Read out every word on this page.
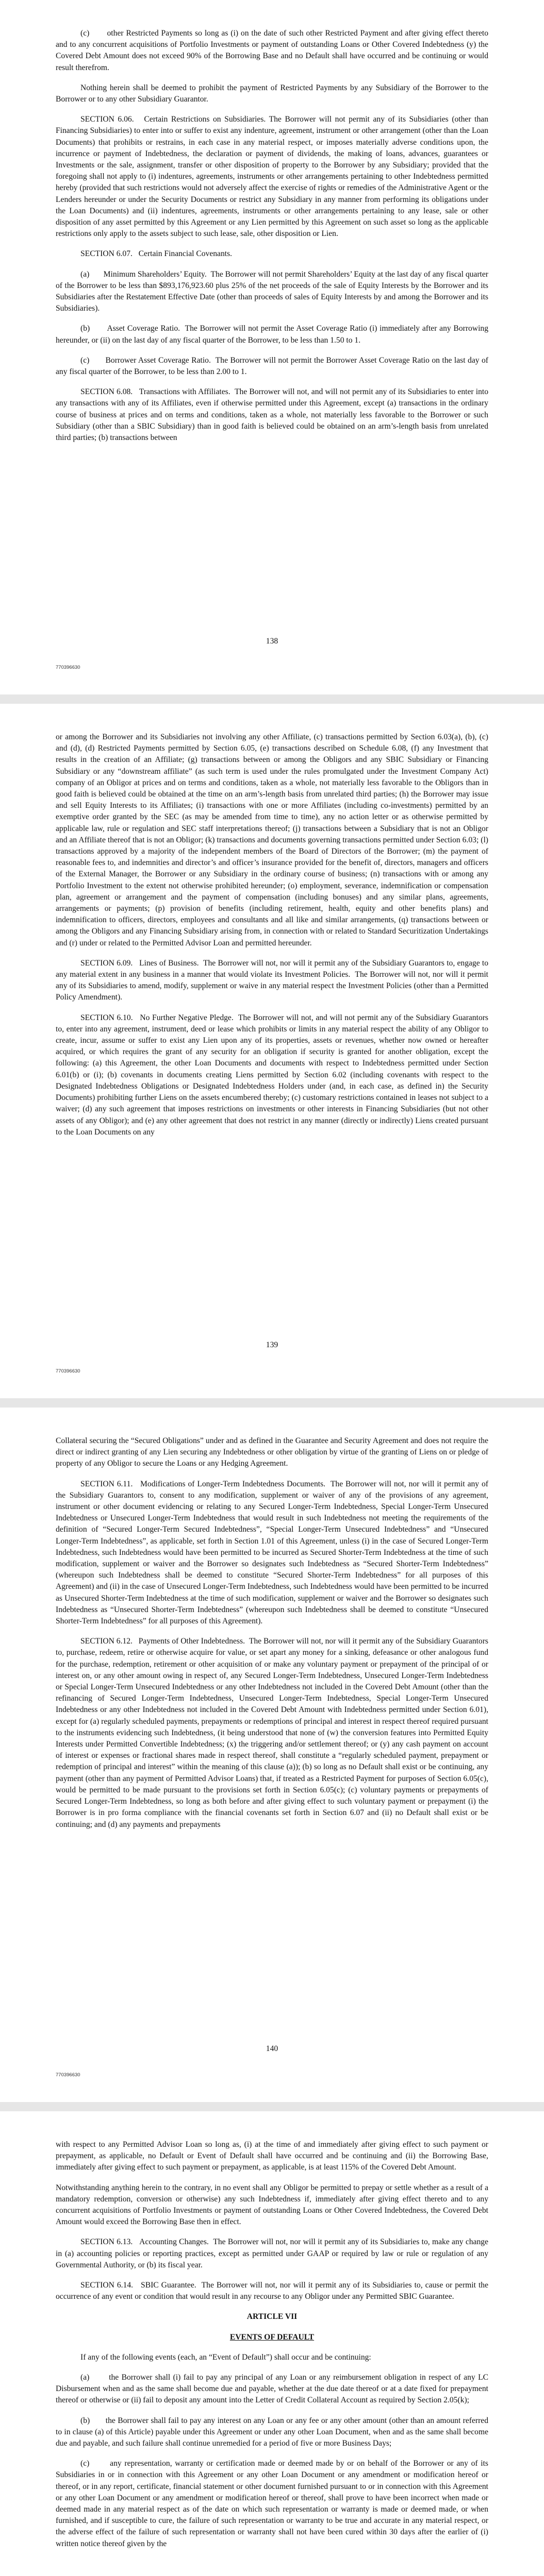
(c)       other Restricted Payments so long as (i) on the date of such other Restricted Payment and after giving effect thereto and to any concurrent acquisitions of Portfolio Investments or payment of outstanding Loans or Other Covered Indebtedness (y) the Covered Debt Amount does not exceed 90% of the Borrowing Base and no Default shall have occurred and be continuing or would result therefrom.

Nothing herein shall be deemed to prohibit the payment of Restricted Payments by any Subsidiary of the Borrower to the Borrower or to any other Subsidiary Guarantor.

SECTION 6.06.   Certain Restrictions on Subsidiaries. The Borrower will not permit any of its Subsidiaries (other than Financing Subsidiaries) to enter into or suffer to exist any indenture, agreement, instrument or other arrangement (other than the Loan Documents) that prohibits or restrains, in each case in any material respect, or imposes materially adverse conditions upon, the incurrence or payment of Indebtedness, the declaration or payment of dividends, the making of loans, advances, guarantees or Investments or the sale, assignment, transfer or other disposition of property to the Borrower by any Subsidiary; provided that the foregoing shall not apply to (i) indentures, agreements, instruments or other arrangements pertaining to other Indebtedness permitted hereby (provided that such restrictions would not adversely affect the exercise of rights or remedies of the Administrative Agent or the Lenders hereunder or under the Security Documents or restrict any Subsidiary in any manner from performing its obligations under the Loan Documents) and (ii) indentures, agreements, instruments or other arrangements pertaining to any lease, sale or other disposition of any asset permitted by this Agreement or any Lien permitted by this Agreement on such asset so long as the applicable restrictions only apply to the assets subject to such lease, sale, other disposition or Lien.

SECTION 6.07.   Certain Financial Covenants.

(a)       Minimum Shareholders’ Equity.  The Borrower will not permit Shareholders’ Equity at the last day of any fiscal quarter of the Borrower to be less than $893,176,923.60 plus 25% of the net proceeds of the sale of Equity Interests by the Borrower and its Subsidiaries after the Restatement Effective Date (other than proceeds of sales of Equity Interests by and among the Borrower and its Subsidiaries).

(b)       Asset Coverage Ratio.  The Borrower will not permit the Asset Coverage Ratio (i) immediately after any Borrowing hereunder, or (ii) on the last day of any fiscal quarter of the Borrower, to be less than 1.50 to 1.

(c)       Borrower Asset Coverage Ratio.  The Borrower will not permit the Borrower Asset Coverage Ratio on the last day of any fiscal quarter of the Borrower, to be less than 2.00 to 1.

SECTION 6.08.   Transactions with Affiliates.  The Borrower will not, and will not permit any of its Subsidiaries to enter into any transactions with any of its Affiliates, even if otherwise permitted under this Agreement, except (a) transactions in the ordinary course of business at prices and on terms and conditions, taken as a whole, not materially less favorable to the Borrower or such Subsidiary (other than a SBIC Subsidiary) than in good faith is believed could be obtained on an arm’s-length basis from unrelated third parties; (b) transactions between

138
770396630

or among the Borrower and its Subsidiaries not involving any other Affiliate, (c) transactions permitted by Section 6.03(a), (b), (c) and (d), (d) Restricted Payments permitted by Section 6.05, (e) transactions described on Schedule 6.08, (f) any Investment that results in the creation of an Affiliate; (g) transactions between or among the Obligors and any SBIC Subsidiary or Financing Subsidiary or any “downstream affiliate” (as such term is used under the rules promulgated under the Investment Company Act) company of an Obligor at prices and on terms and conditions, taken as a whole, not materially less favorable to the Obligors than in good faith is believed could be obtained at the time on an arm’s-length basis from unrelated third parties; (h) the Borrower may issue and sell Equity Interests to its Affiliates; (i) transactions with one or more Affiliates (including co-investments) permitted by an exemptive order granted by the SEC (as may be amended from time to time), any no action letter or as otherwise permitted by applicable law, rule or regulation and SEC staff interpretations thereof; (j) transactions between a Subsidiary that is not an Obligor and an Affiliate thereof that is not an Obligor; (k) transactions and documents governing transactions permitted under Section 6.03; (l) transactions approved by a majority of the independent members of the Board of Directors of the Borrower; (m) the payment of reasonable fees to, and indemnities and director’s and officer’s insurance provided for the benefit of, directors, managers and officers of the External Manager, the Borrower or any Subsidiary in the ordinary course of business; (n) transactions with or among any Portfolio Investment to the extent not otherwise prohibited hereunder; (o) employment, severance, indemnification or compensation plan, agreement or arrangement and the payment of compensation (including bonuses) and any similar plans, agreements, arrangements or payments; (p) provision of benefits (including retirement, health, equity and other benefits plans) and indemnification to officers, directors, employees and consultants and all like and similar arrangements, (q) transactions between or among the Obligors and any Financing Subsidiary arising from, in connection with or related to Standard Securitization Undertakings and (r) under or related to the Permitted Advisor Loan and permitted hereunder.

SECTION 6.09.   Lines of Business.  The Borrower will not, nor will it permit any of the Subsidiary Guarantors to, engage to any material extent in any business in a manner that would violate its Investment Policies.  The Borrower will not, nor will it permit any of its Subsidiaries to amend, modify, supplement or waive in any material respect the Investment Policies (other than a Permitted Policy Amendment).

SECTION 6.10.   No Further Negative Pledge.  The Borrower will not, and will not permit any of the Subsidiary Guarantors to, enter into any agreement, instrument, deed or lease which prohibits or limits in any material respect the ability of any Obligor to create, incur, assume or suffer to exist any Lien upon any of its properties, assets or revenues, whether now owned or hereafter acquired, or which requires the grant of any security for an obligation if security is granted for another obligation, except the following: (a) this Agreement, the other Loan Documents and documents with respect to Indebtedness permitted under Section 6.01(b) or (i); (b) covenants in documents creating Liens permitted by Section 6.02 (including covenants with respect to the Designated Indebtedness Obligations or Designated Indebtedness Holders under (and, in each case, as defined in) the Security Documents) prohibiting further Liens on the assets encumbered thereby; (c) customary restrictions contained in leases not subject to a waiver; (d) any such agreement that imposes restrictions on investments or other interests in Financing Subsidiaries (but not other assets of any Obligor); and (e) any other agreement that does not restrict in any manner (directly or indirectly) Liens created pursuant to the Loan Documents on any

139
770396630

Collateral securing the “Secured Obligations” under and as defined in the Guarantee and Security Agreement and does not require the direct or indirect granting of any Lien securing any Indebtedness or other obligation by virtue of the granting of Liens on or pledge of property of any Obligor to secure the Loans or any Hedging Agreement.

SECTION 6.11.   Modifications of Longer-Term Indebtedness Documents.  The Borrower will not, nor will it permit any of the Subsidiary Guarantors to, consent to any modification, supplement or waiver of any of the provisions of any agreement, instrument or other document evidencing or relating to any Secured Longer-Term Indebtedness, Special Longer-Term Unsecured Indebtedness or Unsecured Longer-Term Indebtedness that would result in such Indebtedness not meeting the requirements of the definition of “Secured Longer-Term Secured Indebtedness”, “Special Longer-Term Unsecured Indebtedness” and “Unsecured Longer-Term Indebtedness”, as applicable, set forth in Section 1.01 of this Agreement, unless (i) in the case of Secured Longer-Term Indebtedness, such Indebtedness would have been permitted to be incurred as Secured Shorter-Term Indebtedness at the time of such modification, supplement or waiver and the Borrower so designates such Indebtedness as “Secured Shorter-Term Indebtedness” (whereupon such Indebtedness shall be deemed to constitute “Secured Shorter-Term Indebtedness” for all purposes of this Agreement) and (ii) in the case of Unsecured Longer-Term Indebtedness, such Indebtedness would have been permitted to be incurred as Unsecured Shorter-Term Indebtedness at the time of such modification, supplement or waiver and the Borrower so designates such Indebtedness as “Unsecured Shorter-Term Indebtedness” (whereupon such Indebtedness shall be deemed to constitute “Unsecured Shorter-Term Indebtedness” for all purposes of this Agreement).

SECTION 6.12.   Payments of Other Indebtedness.  The Borrower will not, nor will it permit any of the Subsidiary Guarantors to, purchase, redeem, retire or otherwise acquire for value, or set apart any money for a sinking, defeasance or other analogous fund for the purchase, redemption, retirement or other acquisition of or make any voluntary payment or prepayment of the principal of or interest on, or any other amount owing in respect of, any Secured Longer-Term Indebtedness, Unsecured Longer-Term Indebtedness or Special Longer-Term Unsecured Indebtedness or any other Indebtedness not included in the Covered Debt Amount (other than the refinancing of Secured Longer-Term Indebtedness, Unsecured Longer-Term Indebtedness, Special Longer-Term Unsecured Indebtedness or any other Indebtedness not included in the Covered Debt Amount with Indebtedness permitted under Section 6.01), except for (a) regularly scheduled payments, prepayments or redemptions of principal and interest in respect thereof required pursuant to the instruments evidencing such Indebtedness, (it being understood that none of (w) the conversion features into Permitted Equity Interests under Permitted Convertible Indebtedness; (x) the triggering and/or settlement thereof; or (y) any cash payment on account of interest or expenses or fractional shares made in respect thereof, shall constitute a “regularly scheduled payment, prepayment or redemption of principal and interest” within the meaning of this clause (a)); (b) so long as no Default shall exist or be continuing, any payment (other than any payment of Permitted Advisor Loans) that, if treated as a Restricted Payment for purposes of Section 6.05(c), would be permitted to be made pursuant to the provisions set forth in Section 6.05(c); (c) voluntary payments or prepayments of Secured Longer-Term Indebtedness, so long as both before and after giving effect to such voluntary payment or prepayment (i) the Borrower is in pro forma compliance with the financial covenants set forth in Section 6.07 and (ii) no Default shall exist or be continuing; and (d) any payments and prepayments

140
770396630

with respect to any Permitted Advisor Loan so long as, (i) at the time of and immediately after giving effect to such payment or prepayment, as applicable, no Default or Event of Default shall have occurred and be continuing and (ii) the Borrowing Base, immediately after giving effect to such payment or prepayment, as applicable, is at least 115% of the Covered Debt Amount.

Notwithstanding anything herein to the contrary, in no event shall any Obligor be permitted to prepay or settle whether as a result of a mandatory redemption, conversion or otherwise) any such Indebtedness if, immediately after giving effect thereto and to any concurrent acquisitions of Portfolio Investments or payment of outstanding Loans or Other Covered Indebtedness, the Covered Debt Amount would exceed the Borrowing Base then in effect.

SECTION 6.13.   Accounting Changes.  The Borrower will not, nor will it permit any of its Subsidiaries to, make any change in (a) accounting policies or reporting practices, except as permitted under GAAP or required by law or rule or regulation of any Governmental Authority, or (b) its fiscal year.

SECTION 6.14.   SBIC Guarantee.  The Borrower will not, nor will it permit any of its Subsidiaries to, cause or permit the occurrence of any event or condition that would result in any recourse to any Obligor under any Permitted SBIC Guarantee.

ARTICLE VII

EVENTS OF DEFAULT

If any of the following events (each, an “Event of Default”) shall occur and be continuing:

(a)       the Borrower shall (i) fail to pay any principal of any Loan or any reimbursement obligation in respect of any LC Disbursement when and as the same shall become due and payable, whether at the due date thereof or at a date fixed for prepayment thereof or otherwise or (ii) fail to deposit any amount into the Letter of Credit Collateral Account as required by Section 2.05(k);

(b)       the Borrower shall fail to pay any interest on any Loan or any fee or any other amount (other than an amount referred to in clause (a) of this Article) payable under this Agreement or under any other Loan Document, when and as the same shall become due and payable, and such failure shall continue unremedied for a period of five or more Business Days;

(c)       any representation, warranty or certification made or deemed made by or on behalf of the Borrower or any of its Subsidiaries in or in connection with this Agreement or any other Loan Document or any amendment or modification hereof or thereof, or in any report, certificate, financial statement or other document furnished pursuant to or in connection with this Agreement or any other Loan Document or any amendment or modification hereof or thereof, shall prove to have been incorrect when made or deemed made in any material respect as of the date on which such representation or warranty is made or deemed made, or when furnished, and if susceptible to cure, the failure of such representation or warranty to be true and accurate in any material respect, or the adverse effect of the failure of such representation or warranty shall not have been cured within 30 days after the earlier of (i) written notice thereof given by the
